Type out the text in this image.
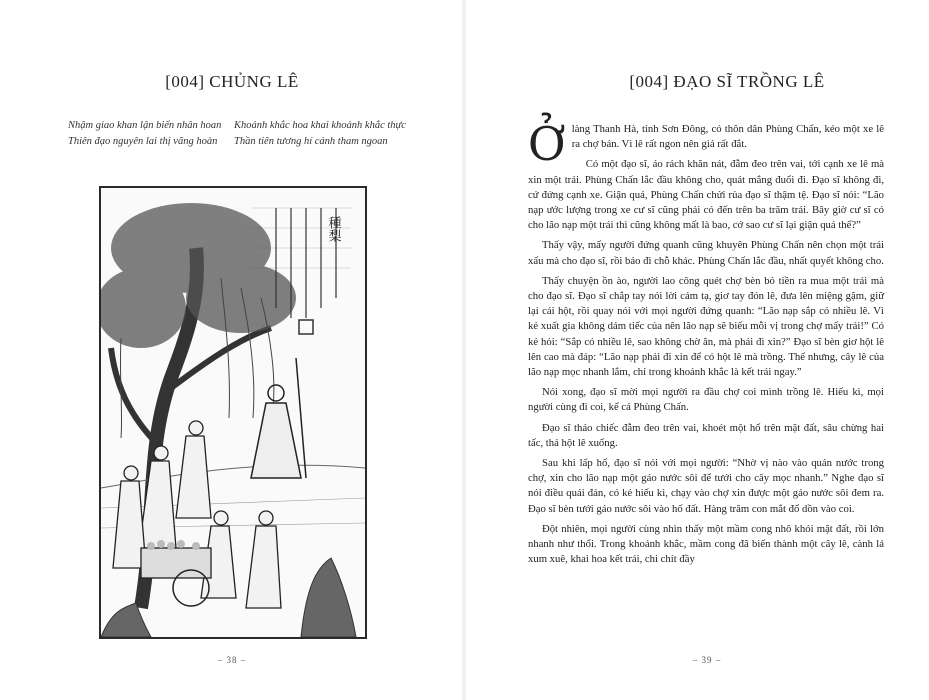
[004] CHỦNG LÊ
Nhậm giao khan lận biến nhân hoan	Khoảnh khắc hoa khai khoảnh khắc thực
Thiên đạo nguyên lai thị vãng hoàn	Thần tiên tương hí cánh tham ngoan
種梨
– 38 –
[004] ĐẠO SĨ TRỒNG LÊ

Ở làng Thanh Hà, tỉnh Sơn Đông, có thôn dân Phùng Chấn, kéo một xe lê ra chợ bán. Vì lê rất ngon nên giá rất đắt.

Có một đạo sĩ, áo rách khăn nát, đẫm đeo trên vai, tới cạnh xe lê mà xin một trái. Phùng Chấn lắc đầu không cho, quát mắng đuổi đi. Đạo sĩ không đi, cứ đứng cạnh xe. Giận quá, Phùng Chấn chửi rủa đạo sĩ thậm tệ. Đạo sĩ nói: “Lão nạp ước lượng trong xe cư sĩ cũng phải có đến trên ba trăm trái. Bây giờ cư sĩ có cho lão nạp một trái thì cũng không mất là bao, cớ sao cư sĩ lại giận quá thế?”

Thấy vậy, mấy người đứng quanh cũng khuyên Phùng Chấn nên chọn một trái xấu mà cho đạo sĩ, rồi bảo đi chỗ khác. Phùng Chấn lắc đầu, nhất quyết không cho.

Thấy chuyện ồn ào, người lao công quét chợ bèn bỏ tiền ra mua một trái mà cho đạo sĩ. Đạo sĩ chắp tay nói lời cảm tạ, giơ tay đón lê, đưa lên miệng gặm, giữ lại cái hột, rồi quay nói với mọi người đứng quanh: “Lão nạp sắp có nhiều lê. Vì kẻ xuất gia không dám tiếc của nên lão nạp sẽ biếu mỗi vị trong chợ mấy trái!” Có kẻ hỏi: “Sắp có nhiều lê, sao không chờ ăn, mà phải đi xin?” Đạo sĩ bèn giơ hột lê lên cao mà đáp: “Lão nạp phải đi xin để có hột lê mà trồng. Thế nhưng, cây lê của lão nạp mọc nhanh lắm, chỉ trong khoảnh khắc là kết trái ngay.”

Nói xong, đạo sĩ mời mọi người ra đầu chợ coi mình trồng lê. Hiếu kì, mọi người cùng đi coi, kể cả Phùng Chấn.

Đạo sĩ tháo chiếc đẫm đeo trên vai, khoét một hố trên mặt đất, sâu chừng hai tấc, thả hột lê xuống.

Sau khi lấp hố, đạo sĩ nói với mọi người: “Nhờ vị nào vào quán nước trong chợ, xin cho lão nạp một gáo nước sôi để tưới cho cây mọc nhanh.” Nghe đạo sĩ nói điều quái đản, có kẻ hiếu kì, chạy vào chợ xin được một gáo nước sôi đem ra. Đạo sĩ bèn tưới gáo nước sôi vào hố đất. Hàng trăm con mắt đổ dồn vào coi.

Đột nhiên, mọi người cùng nhìn thấy một mầm cong nhô khỏi mặt đất, rồi lớn nhanh như thổi. Trong khoảnh khắc, mầm cong đã biến thành một cây lê, cành lá xum xuê, khai hoa kết trái, chi chít đầy

– 39 –
